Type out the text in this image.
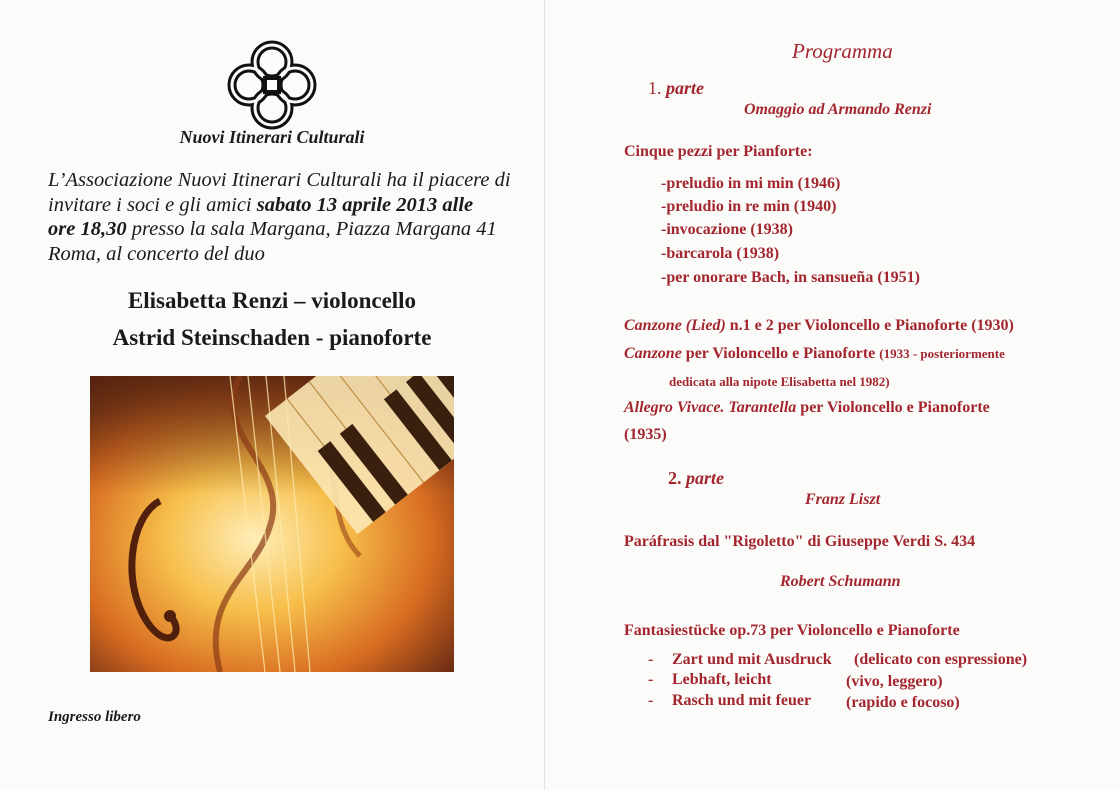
Nuovi Itinerari Culturali
L’Associazione Nuovi Itinerari Culturali ha il piacere di
invitare i soci e gli amici sabato 13 aprile 2013 alle
ore 18,30 presso la sala Margana, Piazza Margana 41
Roma, al concerto del duo
Elisabetta Renzi – violoncello
Astrid Steinschaden - pianoforte
Ingresso libero
Programma
1. parte
Omaggio ad Armando Renzi
Cinque pezzi per Pianforte:
-preludio in mi min (1946)
-preludio in re min (1940)
-invocazione (1938)
-barcarola (1938)
-per onorare Bach, in sansueña (1951)
Canzone (Lied) n.1 e 2 per Violoncello e Pianoforte (1930)
Canzone per Violoncello e Pianoforte (1933 - posteriormente
dedicata alla nipote Elisabetta nel 1982)
Allegro Vivace. Tarantella per Violoncello e Pianoforte
(1935)
2. parte
Franz Liszt
Paráfrasis dal "Rigoletto" di Giuseppe Verdi S. 434
Robert Schumann
Fantasiestücke op.73 per Violoncello e Pianoforte
- Zart und mit Ausdruck (delicato con espressione)
- Lebhaft, leicht	(vivo, leggero)
- Rasch und mit feuer (rapido e focoso)
